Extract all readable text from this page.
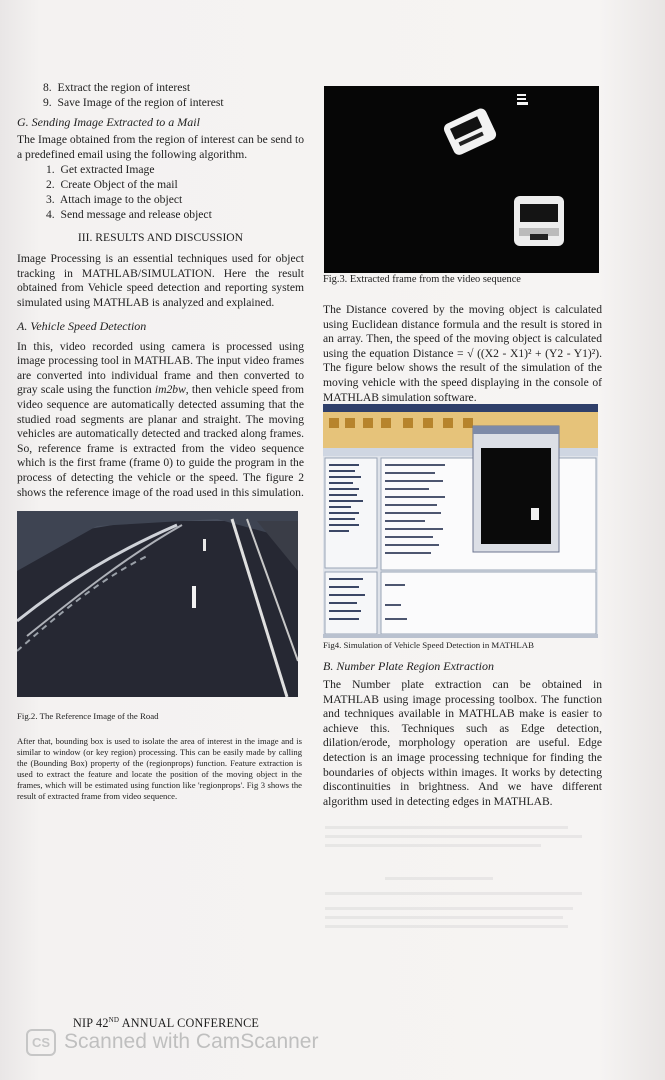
8. Extract the region of interest
9. Save Image of the region of interest

G. Sending Image Extracted to a Mail

The Image obtained from the region of interest can be send to a predefined email using the following algorithm.

1. Get extracted Image
2. Create Object of the mail
3. Attach image to the object
4. Send message and release object

III. RESULTS AND DISCUSSION

Image Processing is an essential techniques used for object tracking in MATHLAB/SIMULATION. Here the result obtained from Vehicle speed detection and reporting system simulated using MATHLAB is analyzed and explained.

A. Vehicle Speed Detection

In this, video recorded using camera is processed using image processing tool in MATHLAB. The input video frames are converted into individual frame and then converted to gray scale using the function im2bw, then vehicle speed from video sequence are automatically detected assuming that the studied road segments are planar and straight. The moving vehicles are automatically detected and tracked along frames. So, reference frame is extracted from the video sequence which is the first frame (frame 0) to guide the program in the process of detecting the vehicle or the speed. The figure 2 shows the reference image of the road used in this simulation.

Fig.2. The Reference Image of the Road

After that, bounding box is used to isolate the area of interest in the image and is similar to window (or key region) processing. This can be easily made by calling the (Bounding Box) property of the (regionprops) function. Feature extraction is used to extract the feature and locate the position of the moving object in the frames, which will be estimated using function like 'regionprops'. Fig 3 shows the result of extracted frame from video sequence.

Fig.3. Extracted frame from the video sequence

The Distance covered by the moving object is calculated using Euclidean distance formula and the result is stored in an array. Then, the speed of the moving object is calculated using the equation Distance = √ ((X2 - X1)² + (Y2 - Y1)²). The figure below shows the result of the simulation of the moving vehicle with the speed displaying in the console of MATHLAB simulation software.

Fig4. Simulation of Vehicle Speed Detection in MATHLAB

B. Number Plate Region Extraction

The Number plate extraction can be obtained in MATHLAB using image processing toolbox. The function and techniques available in MATHLAB make is easier to achieve this. Techniques such as Edge detection, dilation/erode, morphology operation are useful. Edge detection is an image processing technique for finding the boundaries of objects within images. It works by detecting discontinuities in brightness. And we have different algorithm used in detecting edges in MATHLAB.

NIP 42ND ANNUAL CONFERENCE
CS Scanned with CamScanner
